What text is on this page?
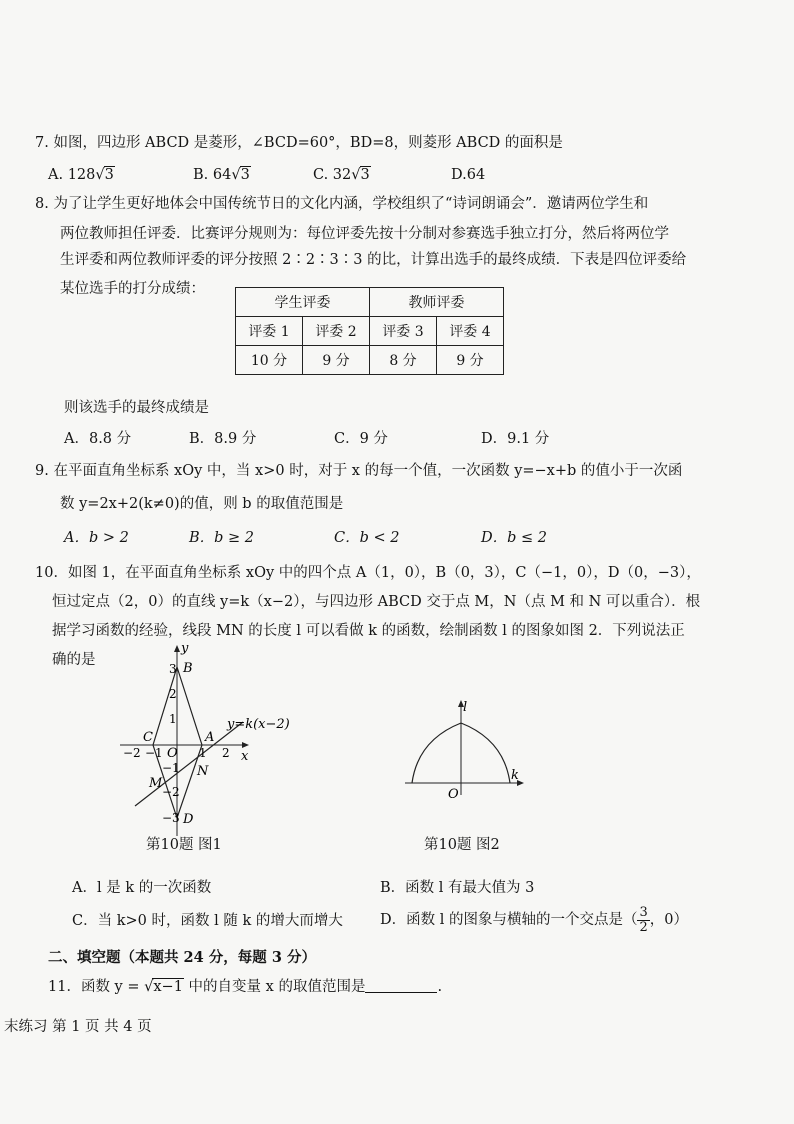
7. 如图，四边形 ABCD 是菱形，∠BCD=60°，BD=8，则菱形 ABCD 的面积是
A. 128√3	B. 64√3	C. 32√3	D.64
8. 为了让学生更好地体会中国传统节日的文化内涵，学校组织了“诗词朗诵会”．邀请两位学生和
两位教师担任评委．比赛评分规则为：每位评委先按十分制对参赛选手独立打分，然后将两位学
生评委和两位教师评委的评分按照 2∶2∶3∶3 的比，计算出选手的最终成绩．下表是四位评委给
某位选手的打分成绩：
学生评委		教师评委	
评委 1	评委 2	评委 3	评委 4
10 分	9 分	8 分	9 分
则该选手的最终成绩是
A．8.8 分	B．8.9 分	C．9 分	D．9.1 分
9. 在平面直角坐标系 xOy 中，当 x>0 时，对于 x 的每一个值，一次函数 y=−x+b 的值小于一次函
数 y=2x+2(k≠0)的值，则 b 的取值范围是
A．b > 2	B．b ≥ 2	C．b < 2	D．b ≤ 2
10．如图 1，在平面直角坐标系 xOy 中的四个点 A（1，0），B（0，3），C（−1，0），D（0，−3），
恒过定点（2，0）的直线 y=k（x−2），与四边形 ABCD 交于点 M，N（点 M 和 N 可以重合）．根
据学习函数的经验，线段 MN 的长度 l 可以看做 k 的函数，绘制函数 l 的图象如图 2．下列说法正
确的是
−2 −1	1 2
3
2
1
−1
−2
−3
y
x
O
A
B
C
D
M
N
y=k(x−2)
第10题 图1
l
k
O
第10题 图2
A．l 是 k 的一次函数	B．函数 l 有最大值为 3
C．当 k>0 时，函数 l 随 k 的增大而增大	D．函数 l 的图象与横轴的一个交点是（ $\frac{3}{2}$ ，0）
二、填空题（本题共 24 分，每题 3 分）
11．函数 y = √x−1 中的自变量 x 的取值范围是	.
末练习 第 1 页 共 4 页
